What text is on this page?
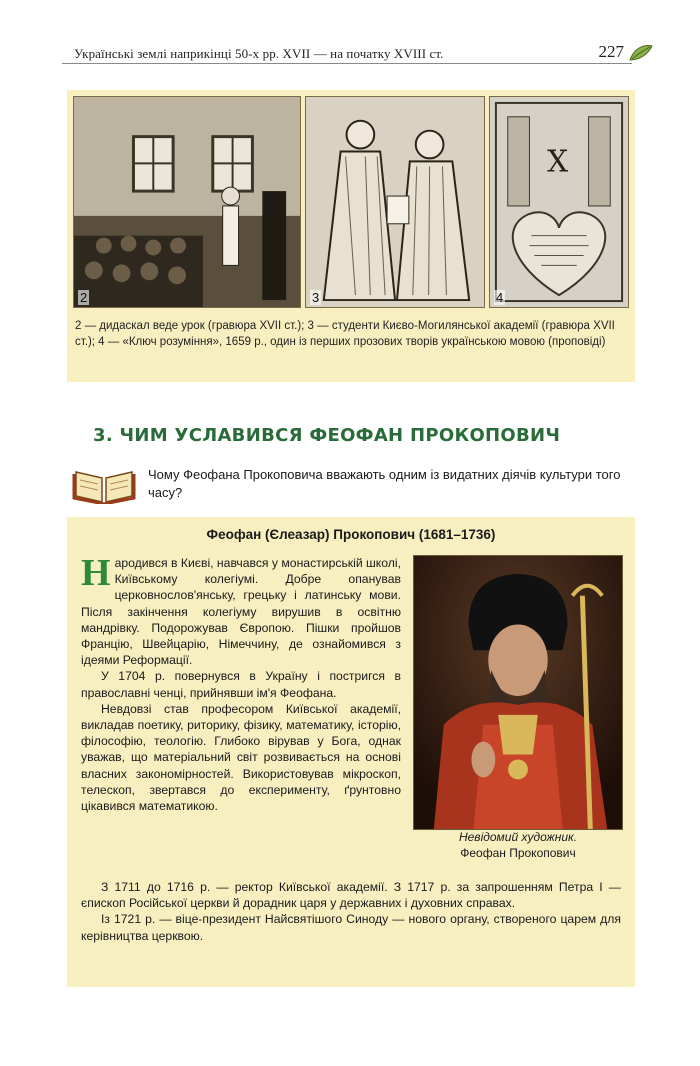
Українські землі наприкінці 50-х рр. XVII — на початку XVIII ст.	227
2	3
X
4

2 — дидаскал веде урок (гравюра XVII ст.); 3 — студенти Києво-Могилянської академії (гравюра XVII ст.); 4 — «Ключ розуміння», 1659 р., один із перших прозових творів українською мовою (проповіді)

3. ЧИМ УСЛАВИВСЯ ФЕОФАН ПРОКОПОВИЧ

Чому Феофана Прокоповича вважають одним із видатних діячів культури того часу?

Феофан (Єлеазар) Прокопович (1681–1736)
Н ародився в Києві, навчався у монастирській школі, Київському колегіумі. Добре опанував церковнослов'янську, грецьку і латинську мови. Після закінчення колегіуму вирушив в освітню мандрівку. Подорожував Європою. Пішки пройшов Францію, Швейцарію, Німеччину, де ознайомився з ідеями Реформації.

У 1704 р. повернувся в Україну і постригся в православні ченці, прийнявши ім'я Феофана.

Невдовзі став професором Київської академії, викладав поетику, риторику, фізику, математику, історію, філософію, теологію. Глибоко вірував у Бога, однак уважав, що матеріальний світ розвивається на основі власних закономірностей. Використовував мікроскоп, телескоп, звертався до експерименту, ґрунтовно цікавився математикою.

Невідомий художник.
Феофан Прокопович

З 1711 до 1716 р. — ректор Київської академії. З 1717 р. за запрошенням Петра І — єпископ Російської церкви й дорадник царя у державних і духовних справах.

Із 1721 р. — віце-президент Найсвятішого Синоду — нового органу, створеного царем для керівництва церквою.
